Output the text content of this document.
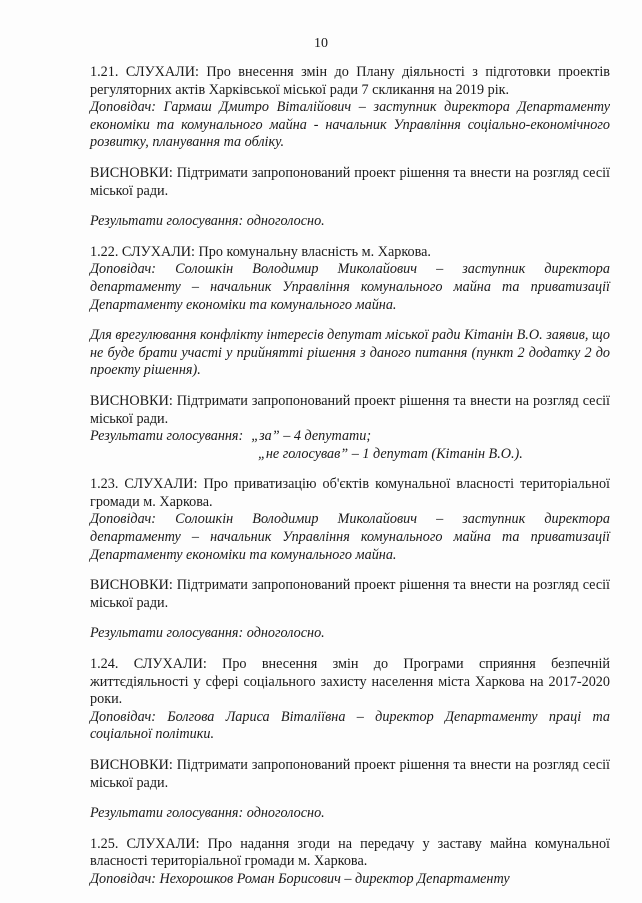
10

1.21. СЛУХАЛИ: Про внесення змін до Плану діяльності з підготовки проектів регуляторних актів Харківської міської ради 7 скликання на 2019 рік.

Доповідач: Гармаш Дмитро Віталійович – заступник директора Департаменту економіки та комунального майна - начальник Управління соціально-економічного розвитку, планування та обліку.

ВИСНОВКИ: Підтримати запропонований проект рішення та внести на розгляд сесії міської ради.

Результати голосування: одноголосно.

1.22. СЛУХАЛИ: Про комунальну власність м. Харкова.

Доповідач: Солошкін Володимир Миколайович – заступник директора департаменту – начальник Управління комунального майна та приватизації Департаменту економіки та комунального майна.

Для врегулювання конфлікту інтересів депутат міської ради Кітанін В.О. заявив, що не буде брати участі у прийнятті рішення з даного питання (пункт 2 додатку 2 до проекту рішення).

ВИСНОВКИ: Підтримати запропонований проект рішення та внести на розгляд сесії міської ради.

Результати голосування: „за” – 4 депутати;
„не голосував” – 1 депутат (Кітанін В.О.).

1.23. СЛУХАЛИ: Про приватизацію об'єктів комунальної власності територіальної громади м. Харкова.

Доповідач: Солошкін Володимир Миколайович – заступник директора департаменту – начальник Управління комунального майна та приватизації Департаменту економіки та комунального майна.

ВИСНОВКИ: Підтримати запропонований проект рішення та внести на розгляд сесії міської ради.

Результати голосування: одноголосно.

1.24. СЛУХАЛИ: Про внесення змін до Програми сприяння безпечній життєдіяльності у сфері соціального захисту населення міста Харкова на 2017-2020 роки.

Доповідач: Болгова Лариса Віталіївна – директор Департаменту праці та соціальної політики.

ВИСНОВКИ: Підтримати запропонований проект рішення та внести на розгляд сесії міської ради.

Результати голосування: одноголосно.

1.25. СЛУХАЛИ: Про надання згоди на передачу у заставу майна комунальної власності територіальної громади м. Харкова.

Доповідач: Нехорошков Роман Борисович – директор Департаменту
